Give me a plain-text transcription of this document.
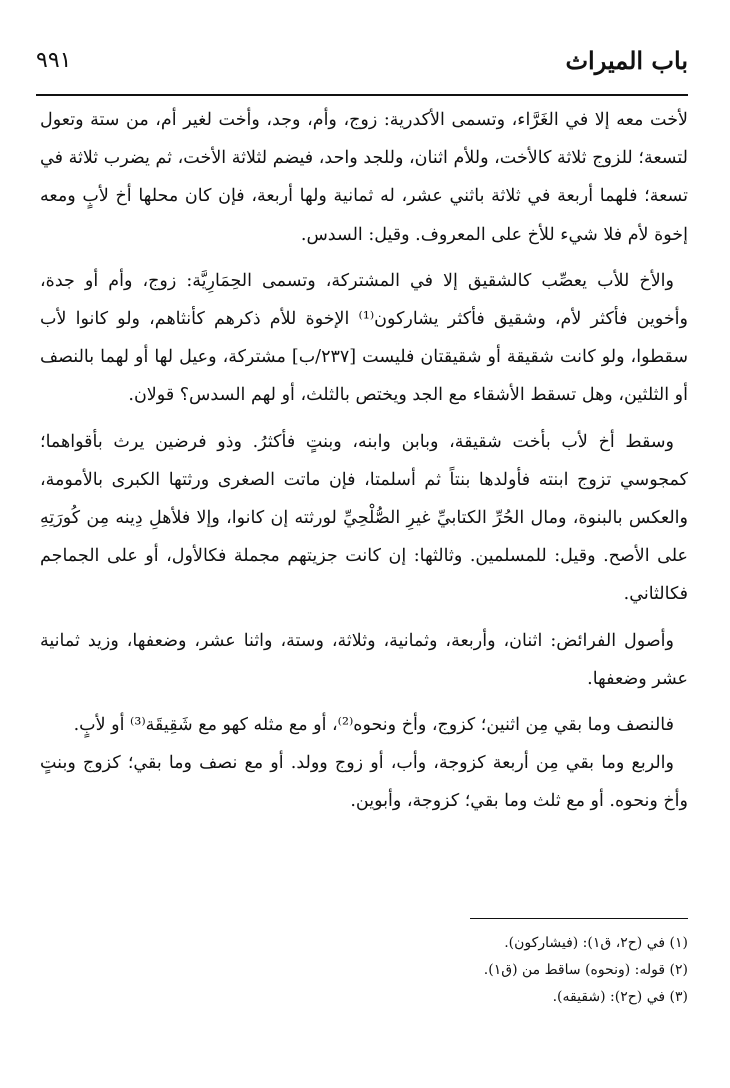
باب الميراث
٩٩١

لأخت معه إلا في الغَرَّاء، وتسمى الأكدرية: زوج، وأم، وجد، وأخت لغير أم، من ستة وتعول لتسعة؛ للزوج ثلاثة كالأخت، وللأم اثنان، وللجد واحد، فيضم لثلاثة الأخت، ثم يضرب ثلاثة في تسعة؛ فلهما أربعة في ثلاثة باثني عشر، له ثمانية ولها أربعة، فإن كان محلها أخ لأبٍ ومعه إخوة لأم فلا شيء للأخ على المعروف. وقيل: السدس.

والأخ للأب يعصِّب كالشقيق إلا في المشتركة، وتسمى الحِمَارِيَّة: زوج، وأم أو جدة، وأخوين فأكثر لأم، وشقيق فأكثر يشاركون⁽¹⁾ الإخوة للأم ذكرهم كأنثاهم، ولو كانوا لأب سقطوا، ولو كانت شقيقة أو شقيقتان فليست [٢٣٧/ب] مشتركة، وعيل لها أو لهما بالنصف أو الثلثين، وهل تسقط الأشقاء مع الجد ويختص بالثلث، أو لهم السدس؟ قولان.

وسقط أخ لأب بأخت شقيقة، وبابن وابنه، وبنتٍ فأكثرُ. وذو فرضين يرث بأقواهما؛ كمجوسي تزوج ابنته فأولدها بنتاً ثم أسلمتا، فإن ماتت الصغرى ورثتها الكبرى بالأمومة، والعكس بالبنوة، ومال الحُرِّ الكتابيِّ غيرِ الصُّلْحِيِّ لورثته إن كانوا، وإلا فلأهلِ دِينه مِن كُورَتِهِ على الأصح. وقيل: للمسلمين. وثالثها: إن كانت جزيتهم مجملة فكالأول، أو على الجماجم فكالثاني.

وأصول الفرائض: اثنان، وأربعة، وثمانية، وثلاثة، وستة، واثنا عشر، وضعفها، وزيد ثمانية عشر وضعفها.

فالنصف وما بقي مِن اثنين؛ كزوج، وأخ ونحوه⁽²⁾، أو مع مثله كهو مع شَقِيقَة⁽³⁾ أو لأبٍ.

والربع وما بقي مِن أربعة كزوجة، وأب، أو زوج وولد. أو مع نصف وما بقي؛ كزوج وبنتٍ وأخ ونحوه. أو مع ثلث وما بقي؛ كزوجة، وأبوين.

(١) في (ح٢، ق١): (فيشاركون).
(٢) قوله: (ونحوه) ساقط من (ق١).
(٣) في (ح٢): (شقيقه).
